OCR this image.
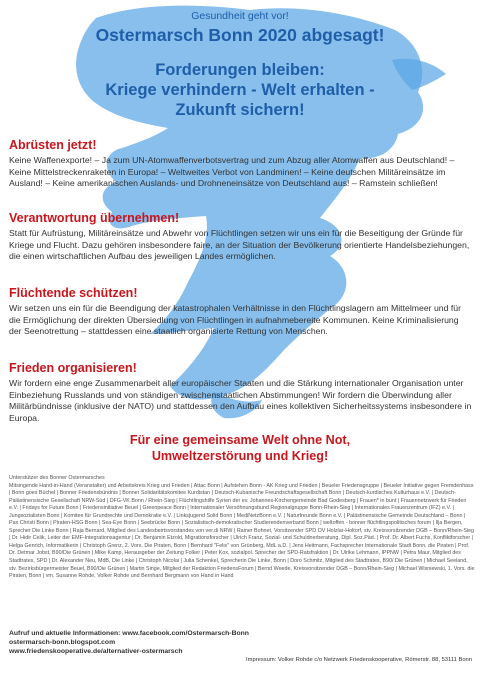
Gesundheit geht vor!
Ostermarsch Bonn 2020 abgesagt!
Forderungen bleiben:
Kriege verhindern - Welt erhalten -
Zukunft sichern!
Abrüsten jetzt!

Keine Waffenexporte! – Ja zum UN-Atomwaffenverbotsvertrag und zum Abzug aller Atomwaffen aus Deutschland! – Keine Mittelstreckenraketen in Europa! – Weltweites Verbot von Landminen! – Keine deutschen Militäreinsätze im Ausland! – Keine amerikanischen Auslands- und Drohneneinsätze von Deutschland aus! – Ramstein schließen!

Verantwortung übernehmen!

Statt für Aufrüstung, Militäreinsätze und Abwehr von Flüchtlingen setzen wir uns ein für die Beseitigung der Gründe für Kriege und Flucht. Dazu gehören insbesondere faire, an der Situation der Bevölkerung orientierte Handelsbeziehungen, die einen wirtschaftlichen Aufbau des jeweiligen Landes ermöglichen.

Flüchtende schützen!

Wir setzen uns ein für die Beendigung der katastrophalen Verhältnisse in den Flüchtlingslagern am Mittelmeer und für die Ermöglichung der direkten Übersiedlung von Flüchtlingen in aufnahmebereite Kommunen. Keine Kriminalisierung der Seenotrettung – stattdessen eine staatlich organisierte Rettung von Menschen.

Frieden organisieren!

Wir fordern eine enge Zusammenarbeit aller europäischer Staaten und die Stärkung internationaler Organisation unter Einbeziehung Russlands und von ständigen zwischenstaatlichen Abstimmungen! Wir fordern die Überwindung aller Militärbündnisse (inklusive der NATO) und stattdessen den Aufbau eines kollektiven Sicherheitssystems insbesondere in Europa.

Für eine gemeinsame Welt ohne Not,
Umweltzerstörung und Krieg!
Unterstützer des Bonner Ostermarsches
Mitsingende Hand-in-Hand (Veranstalter) und Arbeitskreis Krieg und Frieden | Attac Bonn | Aufstehen Bonn - AK Krieg und Frieden | Beueler Friedensgruppe | Beueler Initiative gegen Fremdenhass | Bonn goes Büchel | Bonner Friedensbündnis | Bonner Solidaritätskomitee Kurdistan | Deutsch-Kubanische Freundschaftsgesellschaft Bonn | Deutsch-kurdisches Kulturhaus e.V. | Deutsch-Palästinensische Gesellschaft NRW-Süd | DFG-VK Bonn / Rhein-Sieg | Flüchtlingshilfe Syrien der ev. Johannes-Kirchengemeinde Bad Godesberg | Frauen* in bunt | Frauennetzwerk für Frieden e.V. | Fridays for Future Bonn | Friedensinitiative Beuel | Greenpeace Bonn | Internationaler Versöhnungsbund Regionalgruppe Bonn-Rhein-Sieg | Internationales Frauenzentrum (IFZ) e.V. | Jungsozialisten Bonn | Komitee für Grundrechte und Demokratie e.V. | Linksjugend Solid Bonn | MediNetzBonn e.V. | Naturfreunde Bonn e.V. | Palästinensische Gemeinde Deutschland – Bonn | Pax Christi Bonn | Piraten-HSG Bonn | Sea-Eye Bonn | Seebrücke Bonn | Sozialistisch-demokratischer Studierendenverband Bonn | weltoffen - bonner flüchtlingspolitisches forum | Ilja Bergen, Sprecher Die Linke Bonn | Raja Bernard, Mitglied des Landesbeirtsvorstandes von ver.di NRW | Rainer Bohnet, Vorsitzender SPD OV Holzlar-Holtorf, stv. Kreisvorsitzender DGB – Bonn/Rhein-Sieg | Dr. Hidir Celik, Leiter der EMF-Integrationsagentur | Dr. Benjamin Etzold, Migrationsforscher | Ulrich Franz, Sozial- und Schuldnerberatung, Dipl. Soz.Päd. | Prof. Dr. Albert Fuchs, Konfliktforscher | Helga Genrich, Informatikerin | Christoph Grenz, 2. Vors. Die Piraten, Bonn | Bernhard "Felix" von Grünberg, MdL a.D. | Jens Heitmann, Fachsprecher Internationale Stadt Bonn, die Piraten | Prof. Dr. Detmar Jobst, B90/Die Grünen | Mike Kamp, Herausgeber der Zeitung Folker | Peter Kox, sozialpol. Sprecher der SPD-Ratsfraktion | Dr. Ulrike Lehmann, IPPNW | Petra Maur, Mitglied des Stadtrates, SPD | Dr. Alexander Neu, MdB, Die Linke | Christoph Nicolai | Julia Schenkel, Sprecherin Die Linke, Bonn | Doro Schmitz, Mitglied des Stadtrates, B90/ Die Grünen | Michael Seeland, stv. Bezirksbürgermeister Beuel, B90/Die Grünen | Martin Singe, Mitglied der Redaktion FriedensForum | Bernd Weede, Kreisvorsitzender DGB – Bonn/Rhein-Sieg | Michael Wisniewski, 1. Vors. die Piraten, Bonn | vm. Susanne Rohde, Volker Rohde und Bernhard Bergmann von Hand in Hand
Aufruf und aktuelle Informationen: www.facebook.com/Ostermarsch-Bonn
ostermarsch-bonn.blogspot.com
www.friedenskooperative.de/alternativer-ostermarsch
Impressum: Volker Rohde c/o Netzwerk Friedenskooperative, Römerstr. 88, 53111 Bonn
